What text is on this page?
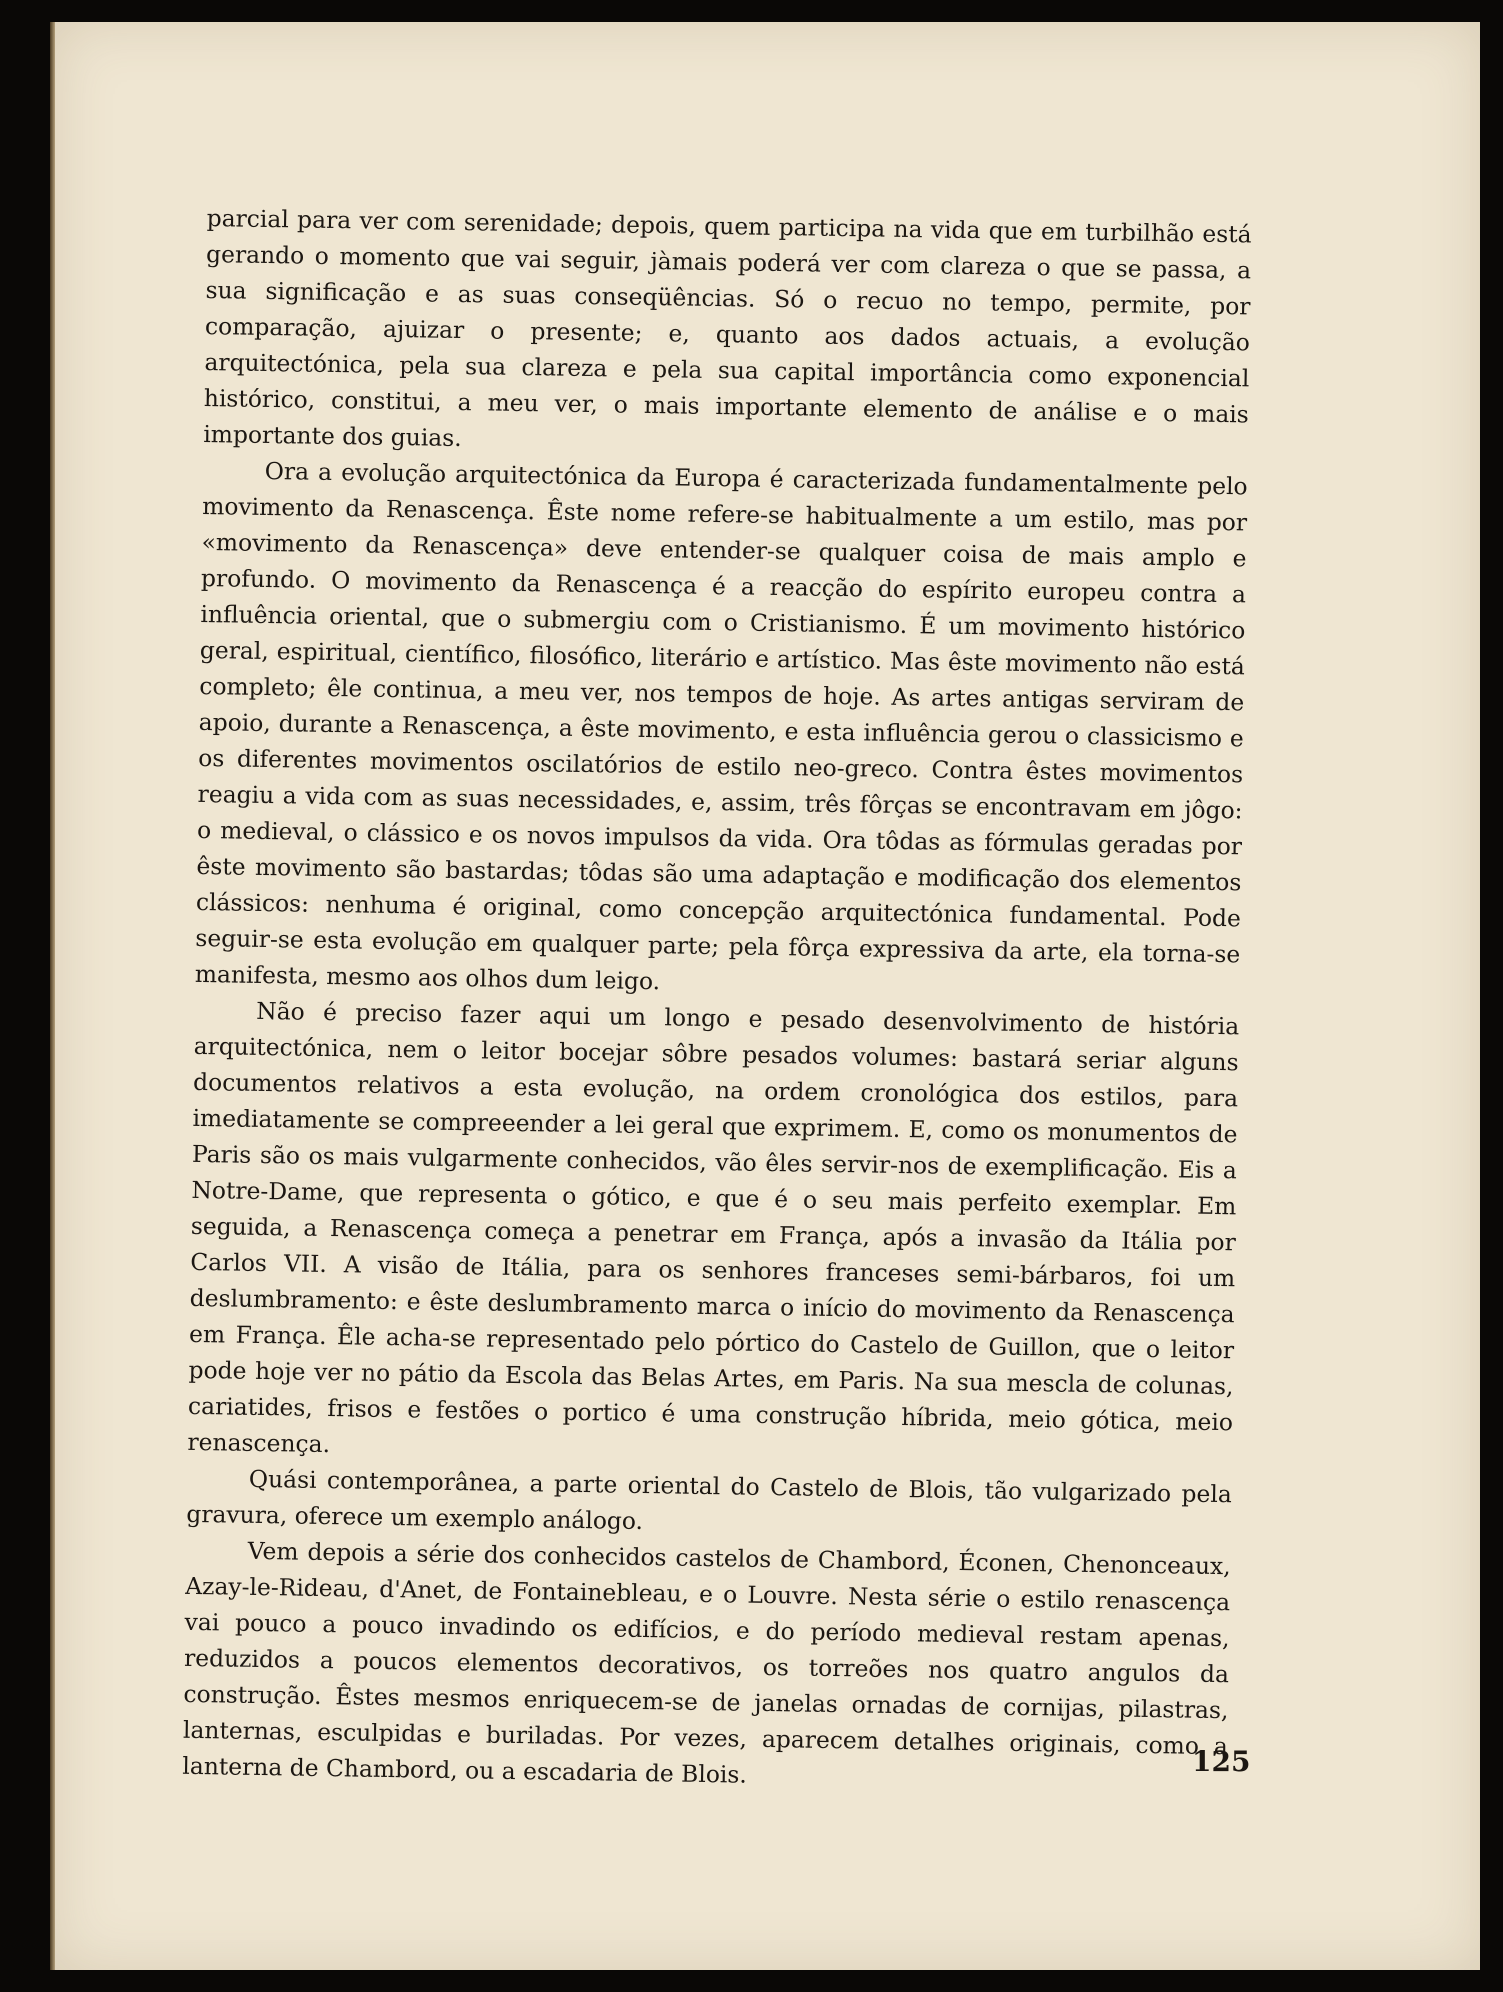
parcial para ver com serenidade; depois, quem participa na vida que em turbilhão está gerando o momento que vai seguir, jàmais poderá ver com clareza o que se passa, a sua significação e as suas conseqüências. Só o recuo no tempo, permite, por comparação, ajuizar o presente; e, quanto aos dados actuais, a evolução arquitectónica, pela sua clareza e pela sua capital importância como exponencial histórico, constitui, a meu ver, o mais importante elemento de análise e o mais importante dos guias.

Ora a evolução arquitectónica da Europa é caracterizada fundamentalmente pelo movimento da Renascença. Êste nome refere-se habitualmente a um estilo, mas por «movimento da Renascença» deve entender-se qualquer coisa de mais amplo e profundo. O movimento da Renascença é a reacção do espírito europeu contra a influência oriental, que o submergiu com o Cristianismo. É um movimento histórico geral, espiritual, científico, filosófico, literário e artístico. Mas êste movimento não está completo; êle continua, a meu ver, nos tempos de hoje. As artes antigas serviram de apoio, durante a Renascença, a êste movimento, e esta influência gerou o classicismo e os diferentes movimentos oscilatórios de estilo neo-greco. Contra êstes movimentos reagiu a vida com as suas necessidades, e, assim, três fôrças se encontravam em jôgo: o medieval, o clássico e os novos impulsos da vida. Ora tôdas as fórmulas geradas por êste movimento são bastardas; tôdas são uma adaptação e modificação dos elementos clássicos: nenhuma é original, como concepção arquitectónica fundamental. Pode seguir-se esta evolução em qualquer parte; pela fôrça expressiva da arte, ela torna-se manifesta, mesmo aos olhos dum leigo.

Não é preciso fazer aqui um longo e pesado desenvolvimento de história arquitectónica, nem o leitor bocejar sôbre pesados volumes: bastará seriar alguns documentos relativos a esta evolução, na ordem cronológica dos estilos, para imediatamente se compreeender a lei geral que exprimem. E, como os monumentos de Paris são os mais vulgarmente conhecidos, vão êles servir-nos de exemplificação. Eis a Notre-Dame, que representa o gótico, e que é o seu mais perfeito exemplar. Em seguida, a Renascença começa a penetrar em França, após a invasão da Itália por Carlos VII. A visão de Itália, para os senhores franceses semi-bárbaros, foi um deslumbramento: e êste deslumbramento marca o início do movimento da Renascença em França. Êle acha-se representado pelo pórtico do Castelo de Guillon, que o leitor pode hoje ver no pátio da Escola das Belas Artes, em Paris. Na sua mescla de colunas, cariatides, frisos e festões o portico é uma construção híbrida, meio gótica, meio renascença.

Quási contemporânea, a parte oriental do Castelo de Blois, tão vulgarizado pela gravura, oferece um exemplo análogo.

Vem depois a série dos conhecidos castelos de Chambord, Éconen, Chenonceaux, Azay-le-Rideau, d'Anet, de Fontainebleau, e o Louvre. Nesta série o estilo renascença vai pouco a pouco invadindo os edifícios, e do período medieval restam apenas, reduzidos a poucos elementos decorativos, os torreões nos quatro angulos da construção. Êstes mesmos enriquecem-se de janelas ornadas de cornijas, pilastras, lanternas, esculpidas e buriladas. Por vezes, aparecem detalhes originais, como a lanterna de Chambord, ou a escadaria de Blois.	125
